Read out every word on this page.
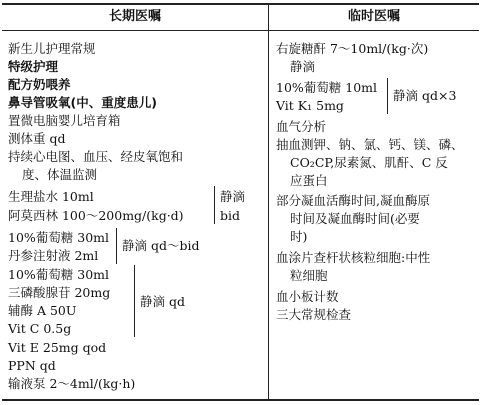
长期医嘱	临时医嘱
新生儿护理常规
特级护理
配方奶喂养
鼻导管吸氧(中、重度患儿)
置微电脑婴儿培育箱
测体重 qd
持续心电图、血压、经皮氧饱和
度、体温监测
生理盐水 10ml
阿莫西林 100～200mg/(kg·d)
静滴
bid
10%葡萄糖 30ml
丹参注射液 2ml
静滴 qd～bid
10%葡萄糖 30ml
三磷酸腺苷 20mg
辅酶 A 50U
Vit C 0.5g
静滴 qd
Vit E 25mg qod
PPN qd
输液泵 2～4ml/(kg·h)
右旋糖酐 7～10ml/(kg·次)
静滴
10%葡萄糖 10ml
Vit K₁ 5mg
静滴 qd×3
血气分析
抽血测钾、钠、氯、钙、镁、磷、
CO₂CP,尿素氮、肌酐、C 反
应蛋白
部分凝血活酶时间,凝血酶原
时间及凝血酶时间(必要
时)
血涂片查杆状核粒细胞:中性
粒细胞
血小板计数
三大常规检查
